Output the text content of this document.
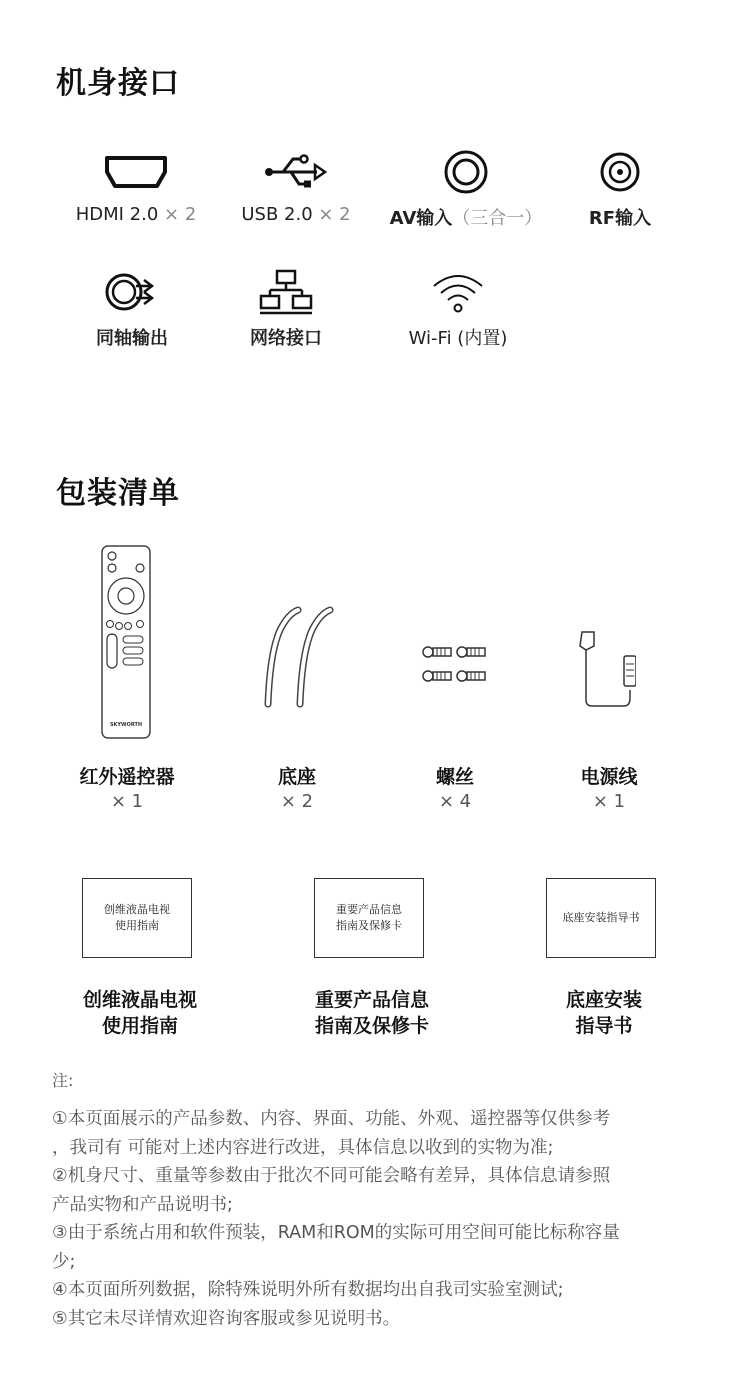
机身接口
HDMI 2.0 × 2	USB 2.0 × 2	AV输入（三合一）	RF输入
同轴输出	网络接口	Wi-Fi (内置)
包装清单
SKYWORTH
红外遥控器
× 1
底座
× 2
螺丝
× 4
电源线
× 1
创维液晶电视
使用指南
重要产品信息
指南及保修卡
底座安装指导书
创维液晶电视
使用指南
重要产品信息
指南及保修卡
底座安装
指导书
注:
①本页面展示的产品参数、内容、界面、功能、外观、遥控器等仅供参考
，我司有 可能对上述内容进行改进，具体信息以收到的实物为准;
②机身尺寸、重量等参数由于批次不同可能会略有差异，具体信息请参照
产品实物和产品说明书;
③由于系统占用和软件预装，RAM和ROM的实际可用空间可能比标称容量
少;
④本页面所列数据，除特殊说明外所有数据均出自我司实验室测试;
⑤其它未尽详情欢迎咨询客服或参见说明书。
